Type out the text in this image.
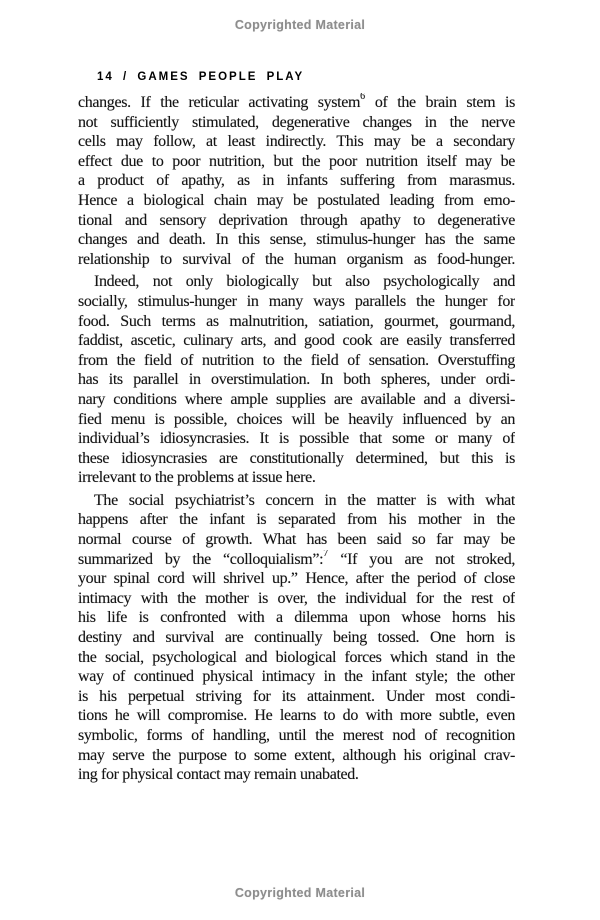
Copyrighted Material
14 / GAMES PEOPLE PLAY
changes. If the reticular activating system$^6$ of the brain stem is
not sufficiently stimulated, degenerative changes in the nerve
cells may follow, at least indirectly. This may be a secondary
effect due to poor nutrition, but the poor nutrition itself may be
a product of apathy, as in infants suffering from marasmus.
Hence a biological chain may be postulated leading from emo-
tional and sensory deprivation through apathy to degenerative
changes and death. In this sense, stimulus-hunger has the same
relationship to survival of the human organism as food-hunger.
Indeed, not only biologically but also psychologically and
socially, stimulus-hunger in many ways parallels the hunger for
food. Such terms as malnutrition, satiation, gourmet, gourmand,
faddist, ascetic, culinary arts, and good cook are easily transferred
from the field of nutrition to the field of sensation. Overstuffing
has its parallel in overstimulation. In both spheres, under ordi-
nary conditions where ample supplies are available and a diversi-
fied menu is possible, choices will be heavily influenced by an
individual’s idiosyncrasies. It is possible that some or many of
these idiosyncrasies are constitutionally determined, but this is
irrelevant to the problems at issue here.
The social psychiatrist’s concern in the matter is with what
happens after the infant is separated from his mother in the
normal course of growth. What has been said so far may be
summarized by the “colloquialism”:$^7$ “If you are not stroked,
your spinal cord will shrivel up.” Hence, after the period of close
intimacy with the mother is over, the individual for the rest of
his life is confronted with a dilemma upon whose horns his
destiny and survival are continually being tossed. One horn is
the social, psychological and biological forces which stand in the
way of continued physical intimacy in the infant style; the other
is his perpetual striving for its attainment. Under most condi-
tions he will compromise. He learns to do with more subtle, even
symbolic, forms of handling, until the merest nod of recognition
may serve the purpose to some extent, although his original crav-
ing for physical contact may remain unabated.
Copyrighted Material
